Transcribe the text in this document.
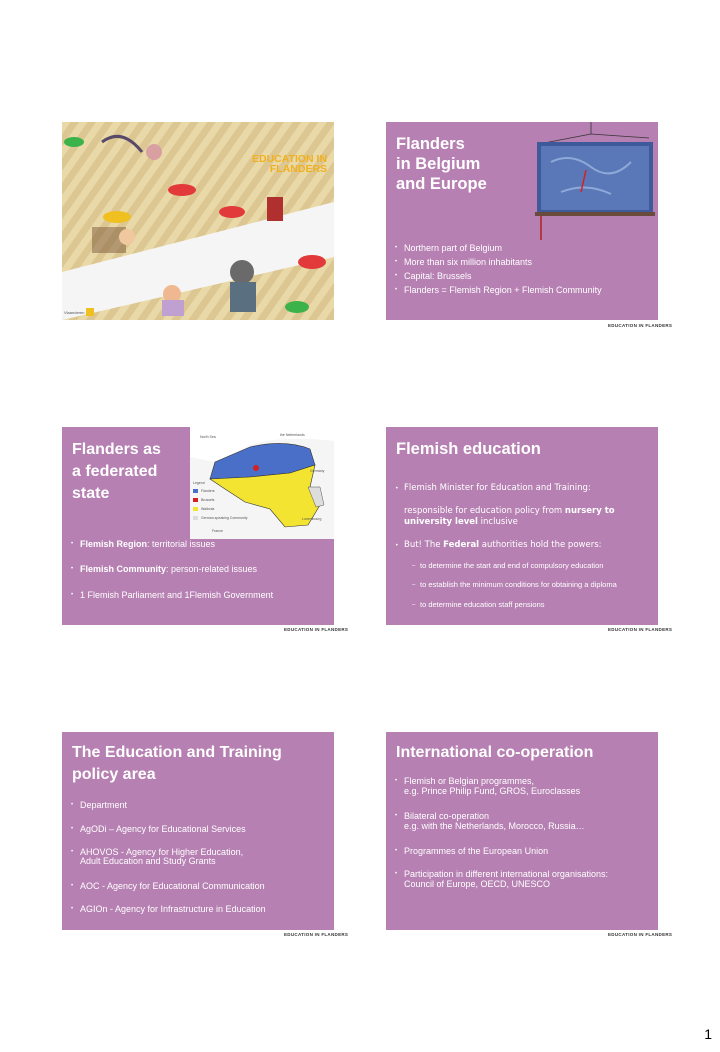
EDUCATION IN
FLANDERS
Vlaanderen
Flanders
in Belgium
and Europe
• Northern part of Belgium
• More than six million inhabitants
• Capital: Brussels
• Flanders = Flemish Region + Flemish Community
EDUCATION IN FLANDERS
Flanders as
a federated
state
North Sea	the Netherlands
Germany
Luxembourg
France
Legend
Flanders
Brussels
Wallonia
German-speaking Community
• Flemish Region: territorial issues
• Flemish Community: person-related issues
• 1 Flemish Parliament and 1Flemish Government
EDUCATION IN FLANDERS
Flemish education
• Flemish Minister for Education and Training:
responsible for education policy from nursery to university level inclusive
• But! The Federal authorities hold the powers:
– to determine the start and end of compulsory education
– to establish the minimum conditions for obtaining a diploma
– to determine education staff pensions
EDUCATION IN FLANDERS
The Education and Training
policy area
• Department
• AgODi – Agency for Educational Services
• AHOVOS - Agency for Higher Education,
Adult Education and Study Grants
• AOC - Agency for Educational Communication
• AGIOn - Agency for Infrastructure in Education
EDUCATION IN FLANDERS
International co-operation
• Flemish or Belgian programmes,
e.g. Prince Philip Fund, GROS, Euroclasses
• Bilateral co-operation
e.g. with the Netherlands, Morocco, Russia…
• Programmes of the European Union
• Participation in different international organisations:
Council of Europe, OECD, UNESCO
EDUCATION IN FLANDERS
1
